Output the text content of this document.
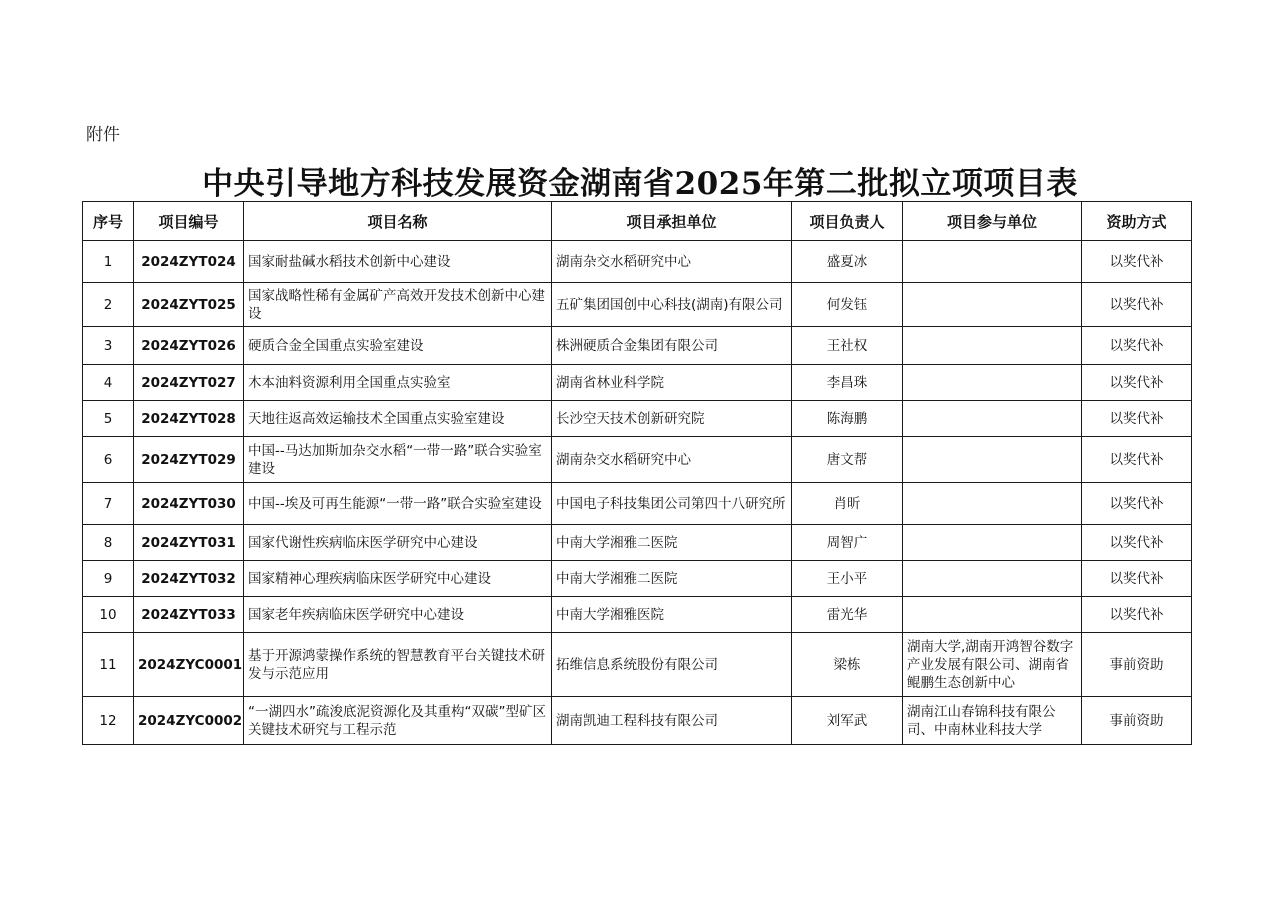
附件
中央引导地方科技发展资金湖南省2025年第二批拟立项项目表
序号	项目编号	项目名称	项目承担单位	项目负责人	项目参与单位	资助方式
1	2024ZYT024	国家耐盐碱水稻技术创新中心建设	湖南杂交水稻研究中心	盛夏冰		以奖代补
2	2024ZYT025	国家战略性稀有金属矿产高效开发技术创新中心建设	五矿集团国创中心科技(湖南)有限公司	何发钰		以奖代补
3	2024ZYT026	硬质合金全国重点实验室建设	株洲硬质合金集团有限公司	王社权		以奖代补
4	2024ZYT027	木本油料资源利用全国重点实验室	湖南省林业科学院	李昌珠		以奖代补
5	2024ZYT028	天地往返高效运输技术全国重点实验室建设	长沙空天技术创新研究院	陈海鹏		以奖代补
6	2024ZYT029	中国--马达加斯加杂交水稻“一带一路”联合实验室建设	湖南杂交水稻研究中心	唐文帮		以奖代补
7	2024ZYT030	中国--埃及可再生能源“一带一路”联合实验室建设	中国电子科技集团公司第四十八研究所	肖昕		以奖代补
8	2024ZYT031	国家代谢性疾病临床医学研究中心建设	中南大学湘雅二医院	周智广		以奖代补
9	2024ZYT032	国家精神心理疾病临床医学研究中心建设	中南大学湘雅二医院	王小平		以奖代补
10	2024ZYT033	国家老年疾病临床医学研究中心建设	中南大学湘雅医院	雷光华		以奖代补
11	2024ZYC0001	基于开源鸿蒙操作系统的智慧教育平台关键技术研发与示范应用	拓维信息系统股份有限公司	梁栋	湖南大学,湖南开鸿智谷数字产业发展有限公司、湖南省鲲鹏生态创新中心	事前资助
12	2024ZYC0002	“一湖四水”疏浚底泥资源化及其重构“双碳”型矿区关键技术研究与工程示范	湖南凯迪工程科技有限公司	刘军武	湖南江山春锦科技有限公司、中南林业科技大学	事前资助
